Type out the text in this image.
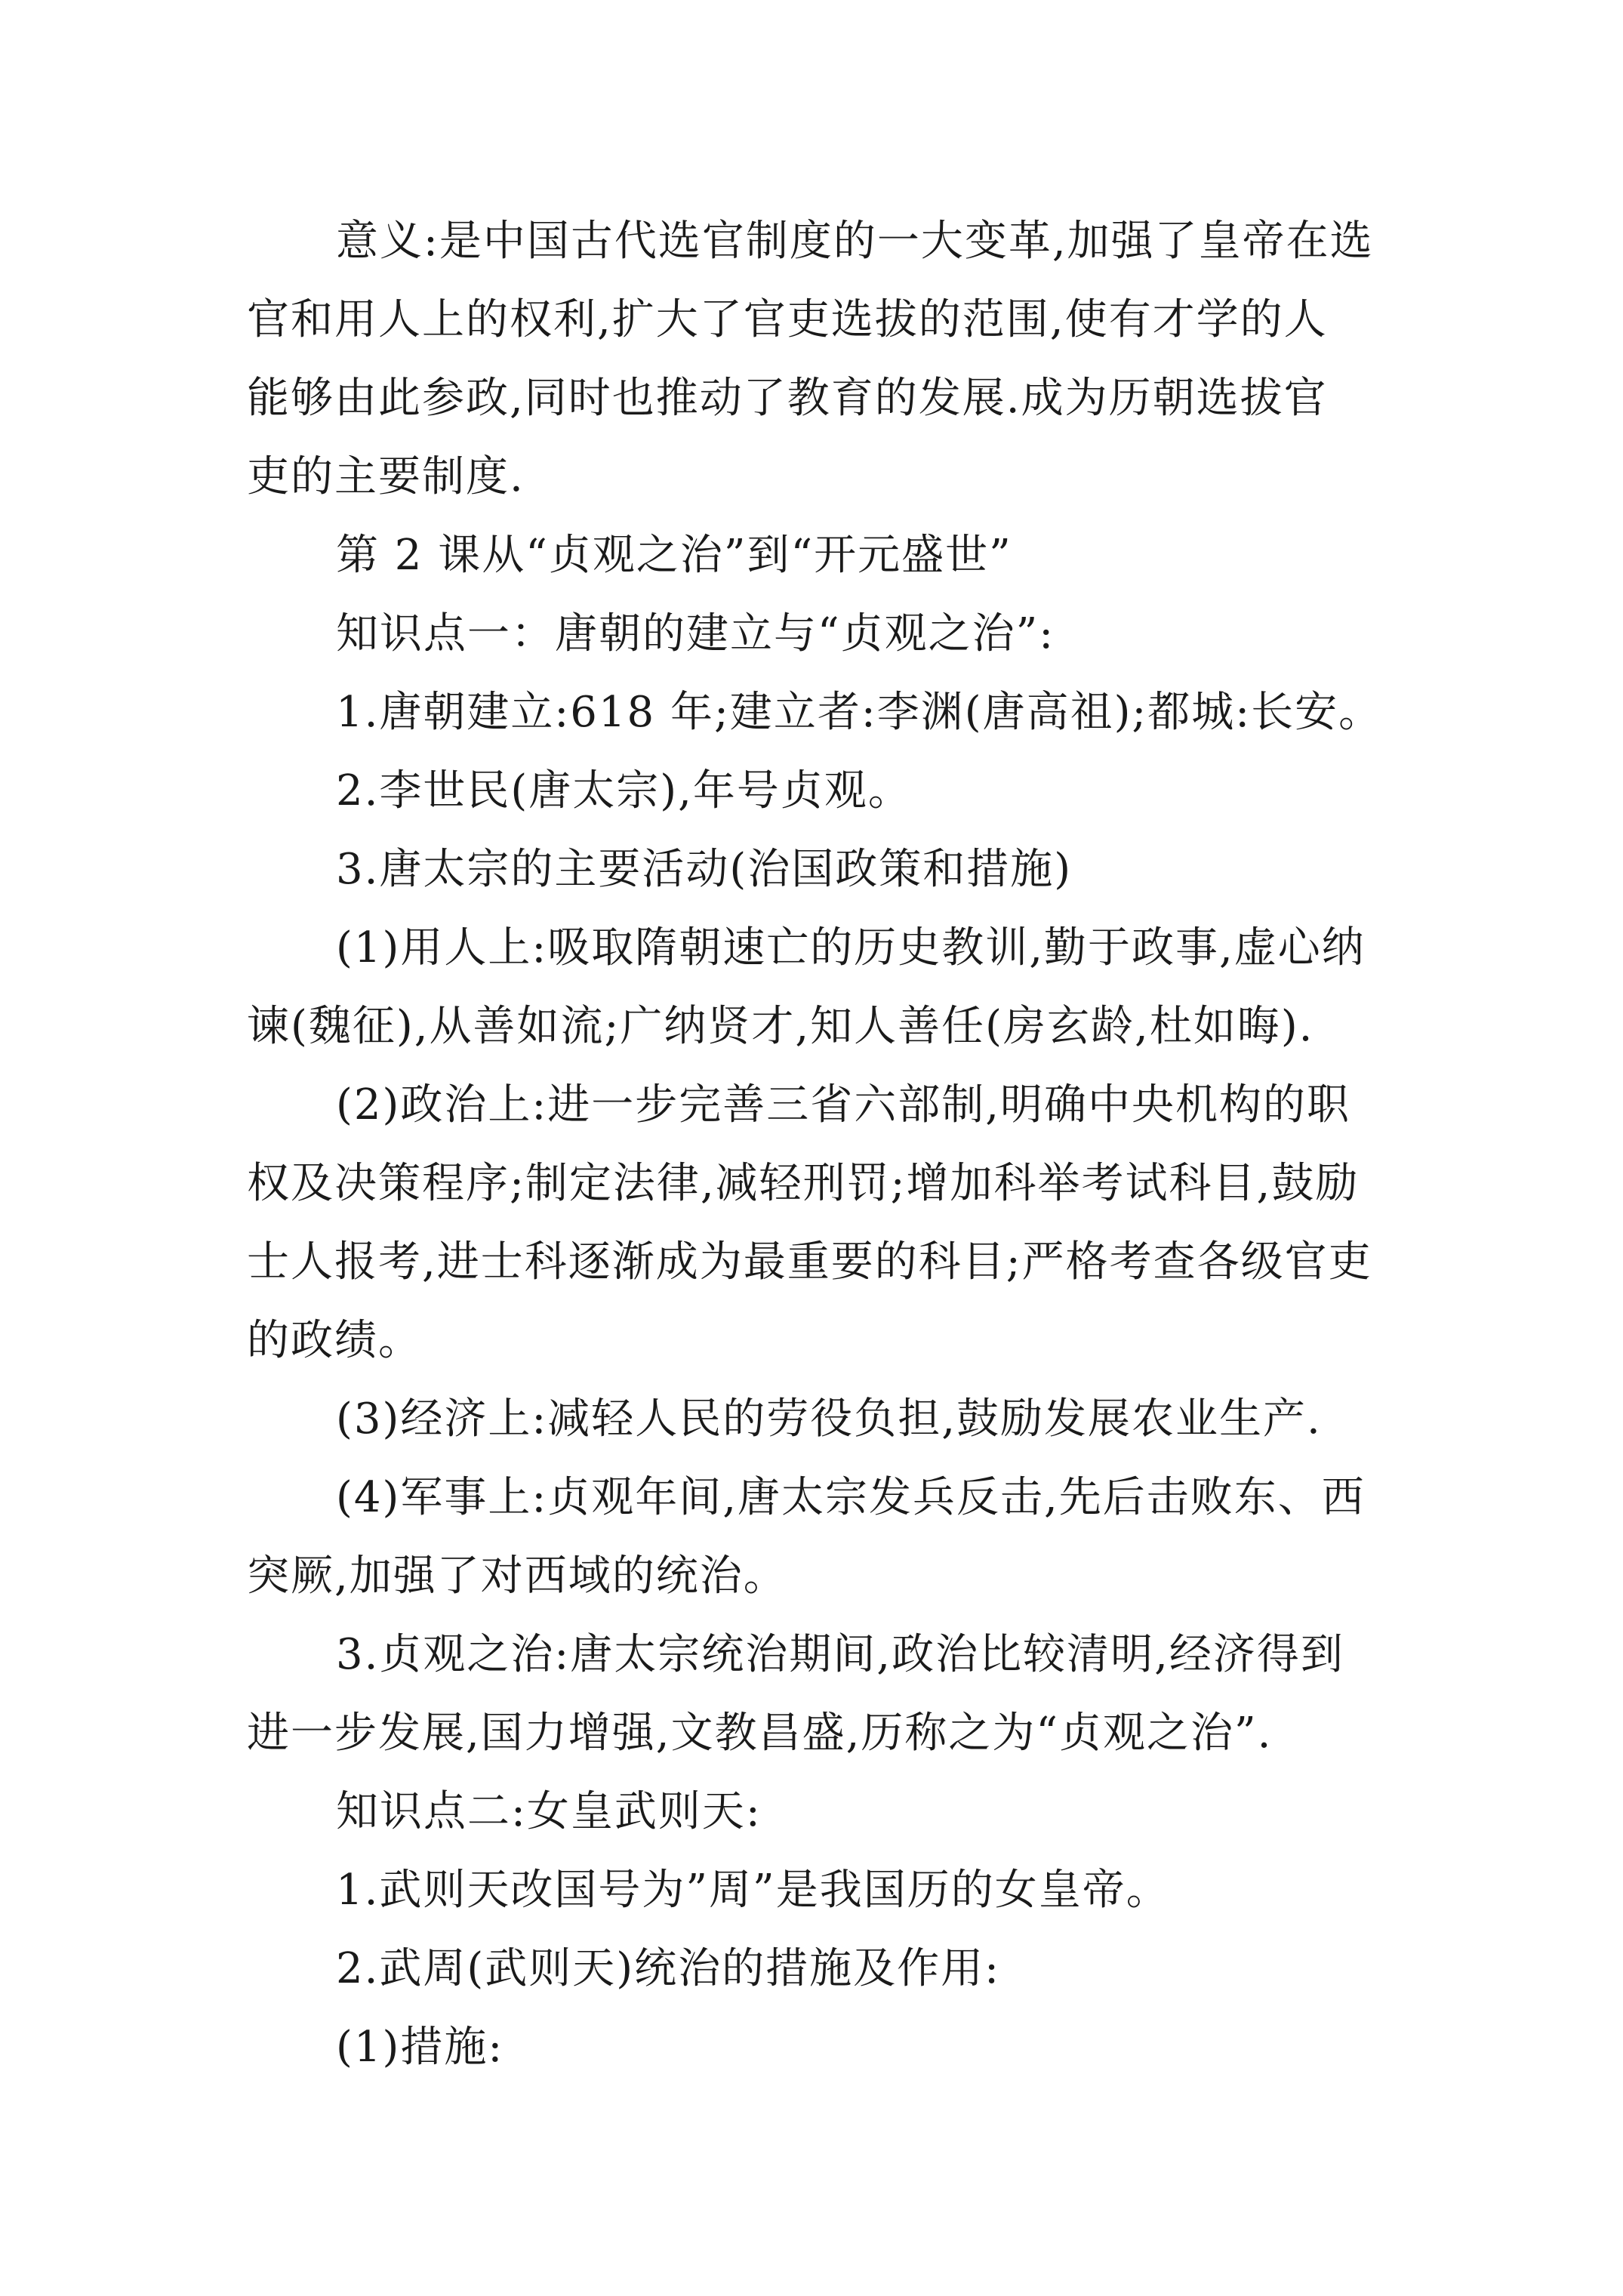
意义:是中国古代选官制度的一大变革,加强了皇帝在选
官和用人上的权利,扩大了官吏选拔的范围,使有才学的人
能够由此参政,同时也推动了教育的发展.成为历朝选拔官
吏的主要制度.
第 2 课从“贞观之治”到“开元盛世”
知识点一：唐朝的建立与“贞观之治”:
1.唐朝建立:618 年;建立者:李渊(唐高祖);都城:长安。
2.李世民(唐太宗),年号贞观。
3.唐太宗的主要活动(治国政策和措施)
(1)用人上:吸取隋朝速亡的历史教训,勤于政事,虚心纳
谏(魏征),从善如流;广纳贤才,知人善任(房玄龄,杜如晦).
(2)政治上:进一步完善三省六部制,明确中央机构的职
权及决策程序;制定法律,减轻刑罚;增加科举考试科目,鼓励
士人报考,进士科逐渐成为最重要的科目;严格考查各级官吏
的政绩。
(3)经济上:减轻人民的劳役负担,鼓励发展农业生产.
(4)军事上:贞观年间,唐太宗发兵反击,先后击败东、西
突厥,加强了对西域的统治。
3.贞观之治:唐太宗统治期间,政治比较清明,经济得到
进一步发展,国力增强,文教昌盛,历称之为“贞观之治”.
知识点二:女皇武则天:
1.武则天改国号为”周”是我国历的女皇帝。
2.武周(武则天)统治的措施及作用:
(1)措施:
